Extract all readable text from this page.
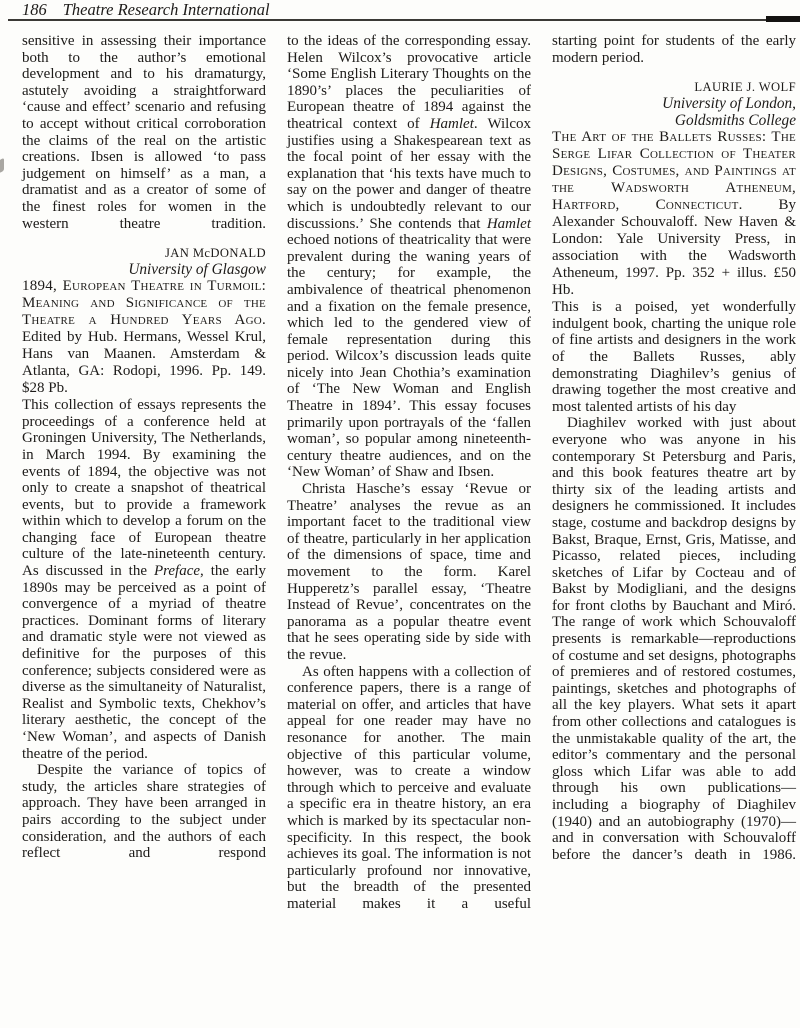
186 Theatre Research International

sensitive in assessing their importance both to the author’s emotional development and to his dramaturgy, astutely avoiding a straightforward ‘cause and effect’ scenario and refusing to accept without critical corroboration the claims of the real on the artistic creations. Ibsen is allowed ‘to pass judgement on himself’ as a man, a dramatist and as a creator of some of the finest roles for women in the western theatre tradition.

JAN McDONALD
University of Glasgow

1894, European Theatre in Turmoil: Meaning and Significance of the Theatre a Hundred Years Ago. Edited by Hub. Hermans, Wessel Krul, Hans van Maanen. Amsterdam & Atlanta, GA: Rodopi, 1996. Pp. 149. $28 Pb.

This collection of essays represents the proceedings of a conference held at Groningen University, The Netherlands, in March 1994. By examining the events of 1894, the objective was not only to create a snapshot of theatrical events, but to provide a framework within which to develop a forum on the changing face of European theatre culture of the late-nineteenth century. As discussed in the Preface, the early 1890s may be perceived as a point of convergence of a myriad of theatre practices. Dominant forms of literary and dramatic style were not viewed as definitive for the purposes of this conference; subjects considered were as diverse as the simultaneity of Naturalist, Realist and Symbolic texts, Chekhov’s literary aesthetic, the concept of the ‘New Woman’, and aspects of Danish theatre of the period.

Despite the variance of topics of study, the articles share strategies of approach. They have been arranged in pairs according to the subject under consideration, and the authors of each reflect and respond

to the ideas of the corresponding essay. Helen Wilcox’s provocative article ‘Some English Literary Thoughts on the 1890’s’ places the peculiarities of European theatre of 1894 against the theatrical context of Hamlet. Wilcox justifies using a Shakespearean text as the focal point of her essay with the explanation that ‘his texts have much to say on the power and danger of theatre which is undoubtedly relevant to our discussions.’ She contends that Hamlet echoed notions of theatricality that were prevalent during the waning years of the century; for example, the ambivalence of theatrical phenomenon and a fixation on the female presence, which led to the gendered view of female representation during this period. Wilcox’s discussion leads quite nicely into Jean Chothia’s examination of ‘The New Woman and English Theatre in 1894’. This essay focuses primarily upon portrayals of the ‘fallen woman’, so popular among nineteenth-century theatre audiences, and on the ‘New Woman’ of Shaw and Ibsen.

Christa Hasche’s essay ‘Revue or Theatre’ analyses the revue as an important facet to the traditional view of theatre, particularly in her application of the dimensions of space, time and movement to the form. Karel Hupperetz’s parallel essay, ‘Theatre Instead of Revue’, concentrates on the panorama as a popular theatre event that he sees operating side by side with the revue.

As often happens with a collection of conference papers, there is a range of material on offer, and articles that have appeal for one reader may have no resonance for another. The main objective of this particular volume, however, was to create a window through which to perceive and evaluate a specific era in theatre history, an era which is marked by its spectacular non-specificity. In this respect, the book achieves its goal. The information is not particularly profound nor innovative, but the breadth of the presented material makes it a useful

starting point for students of the early modern period.

LAURIE J. WOLF
University of London,
Goldsmiths College

The Art of the Ballets Russes: The Serge Lifar Collection of Theater Designs, Costumes, and Paintings at the Wadsworth Atheneum, Hartford, Connecticut. By Alexander Schouvaloff. New Haven & London: Yale University Press, in association with the Wadsworth Atheneum, 1997. Pp. 352 + illus. £50 Hb.

This is a poised, yet wonderfully indulgent book, charting the unique role of fine artists and designers in the work of the Ballets Russes, ably demonstrating Diaghilev’s genius of drawing together the most creative and most talented artists of his day

Diaghilev worked with just about everyone who was anyone in his contemporary St Petersburg and Paris, and this book features theatre art by thirty six of the leading artists and designers he commissioned. It includes stage, costume and backdrop designs by Bakst, Braque, Ernst, Gris, Matisse, and Picasso, related pieces, including sketches of Lifar by Cocteau and of Bakst by Modigliani, and the designs for front cloths by Bauchant and Miró. The range of work which Schouvaloff presents is remarkable—reproductions of costume and set designs, photographs of premieres and of restored costumes, paintings, sketches and photographs of all the key players. What sets it apart from other collections and catalogues is the unmistakable quality of the art, the editor’s commentary and the personal gloss which Lifar was able to add through his own publications—including a biography of Diaghilev (1940) and an autobiography (1970)—and in conversation with Schouvaloff before the dancer’s death in 1986.
